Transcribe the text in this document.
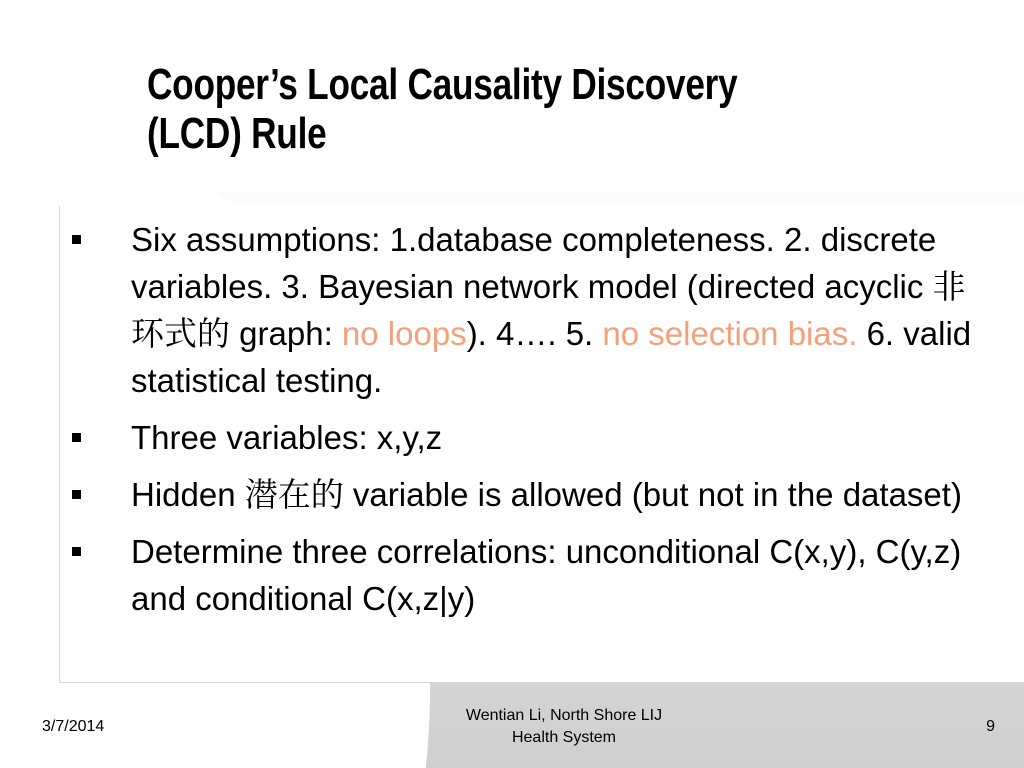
Cooper’s Local Causality Discovery
(LCD) Rule
Six assumptions: 1.database completeness. 2. discrete variables. 3. Bayesian network model (directed acyclic 非环式的 graph: no loops). 4…. 5. no selection bias. 6. valid statistical testing.
Three variables: x,y,z
Hidden 潜在的 variable is allowed (but not in the dataset)
Determine three correlations: unconditional C(x,y), C(y,z) and conditional C(x,z|y)
3/7/2014
Wentian Li, North Shore LIJ
Health System
9
